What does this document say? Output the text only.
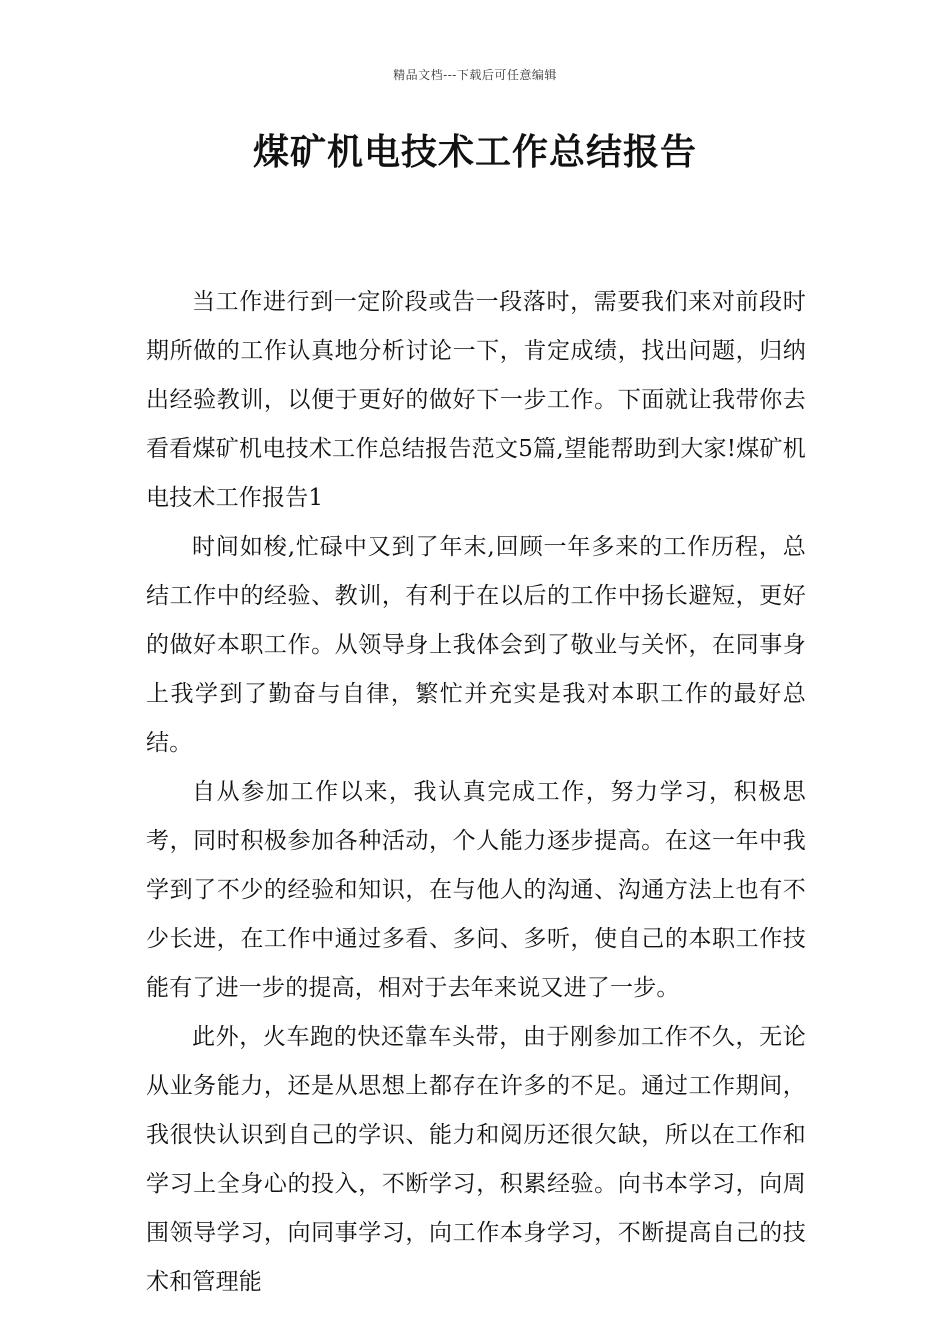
精品文档---下载后可任意编辑
煤矿机电技术工作总结报告

当工作进行到一定阶段或告一段落时，需要我们来对前段时期所做的工作认真地分析讨论一下，肯定成绩，找出问题，归纳出经验教训，以便于更好的做好下一步工作。下面就让我带你去看看煤矿机电技术工作总结报告范文5篇,望能帮助到大家!煤矿机电技术工作报告1

时间如梭,忙碌中又到了年末,回顾一年多来的工作历程，总结工作中的经验、教训，有利于在以后的工作中扬长避短，更好的做好本职工作。从领导身上我体会到了敬业与关怀，在同事身上我学到了勤奋与自律，繁忙并充实是我对本职工作的最好总结。

自从参加工作以来，我认真完成工作，努力学习，积极思考，同时积极参加各种活动，个人能力逐步提高。在这一年中我学到了不少的经验和知识，在与他人的沟通、沟通方法上也有不少长进，在工作中通过多看、多问、多听，使自己的本职工作技能有了进一步的提高，相对于去年来说又进了一步。

此外，火车跑的快还靠车头带，由于刚参加工作不久，无论从业务能力，还是从思想上都存在许多的不足。通过工作期间，我很快认识到自己的学识、能力和阅历还很欠缺，所以在工作和学习上全身心的投入，不断学习，积累经验。向书本学习，向周围领导学习，向同事学习，向工作本身学习，不断提高自己的技术和管理能
